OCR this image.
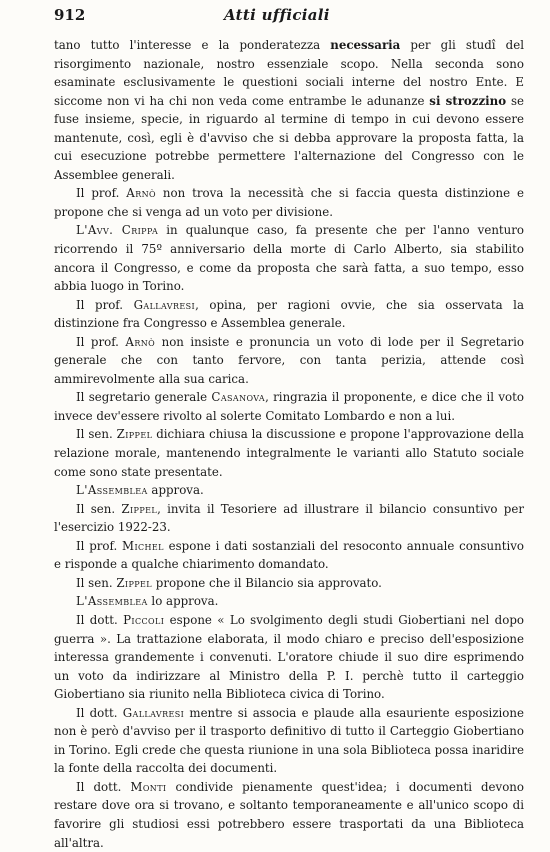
912	Atti ufficiali

tano tutto l'interesse e la ponderatezza necessaria per gli studî del risorgimento nazionale, nostro essenziale scopo. Nella seconda sono esaminate esclusivamente le questioni sociali interne del nostro Ente. E siccome non vi ha chi non veda come entrambe le adunanze si strozzino se fuse insieme, specie, in riguardo al termine di tempo in cui devono essere mantenute, così, egli è d'avviso che si debba approvare la proposta fatta, la cui esecuzione potrebbe permettere l'alternazione del Congresso con le Assemblee generali.

Il prof. Arnò non trova la necessità che si faccia questa distinzione e propone che si venga ad un voto per divisione.

L'Avv. Crippa in qualunque caso, fa presente che per l'anno venturo ricorrendo il 75º anniversario della morte di Carlo Alberto, sia stabilito ancora il Congresso, e come da proposta che sarà fatta, a suo tempo, esso abbia luogo in Torino.

Il prof. Gallavresi, opina, per ragioni ovvie, che sia osservata la distinzione fra Congresso e Assemblea generale.

Il prof. Arnò non insiste e pronuncia un voto di lode per il Segretario generale che con tanto fervore, con tanta perizia, attende così ammirevolmente alla sua carica.

Il segretario generale Casanova, ringrazia il proponente, e dice che il voto invece dev'essere rivolto al solerte Comitato Lombardo e non a lui.

Il sen. Zippel dichiara chiusa la discussione e propone l'approvazione della relazione morale, mantenendo integralmente le varianti allo Statuto sociale come sono state presentate.

L'Assemblea approva.

Il sen. Zippel, invita il Tesoriere ad illustrare il bilancio consuntivo per l'esercizio 1922-23.

Il prof. Michel espone i dati sostanziali del resoconto annuale consuntivo e risponde a qualche chiarimento domandato.

Il sen. Zippel propone che il Bilancio sia approvato.

L'Assemblea lo approva.

Il dott. Piccoli espone « Lo svolgimento degli studi Giobertiani nel dopo guerra ». La trattazione elaborata, il modo chiaro e preciso dell'esposizione interessa grandemente i convenuti. L'oratore chiude il suo dire esprimendo un voto da indirizzare al Ministro della P. I. perchè tutto il carteggio Giobertiano sia riunito nella Biblioteca civica di Torino.

Il dott. Gallavresi mentre si associa e plaude alla esauriente esposizione non è però d'avviso per il trasporto definitivo di tutto il Carteggio Giobertiano in Torino. Egli crede che questa riunione in una sola Biblioteca possa inaridire la fonte della raccolta dei documenti.

Il dott. Monti condivide pienamente quest'idea; i documenti devono restare dove ora si trovano, e soltanto temporaneamente e all'unico scopo di favorire gli studiosi essi potrebbero essere trasportati da una Biblioteca all'altra.
